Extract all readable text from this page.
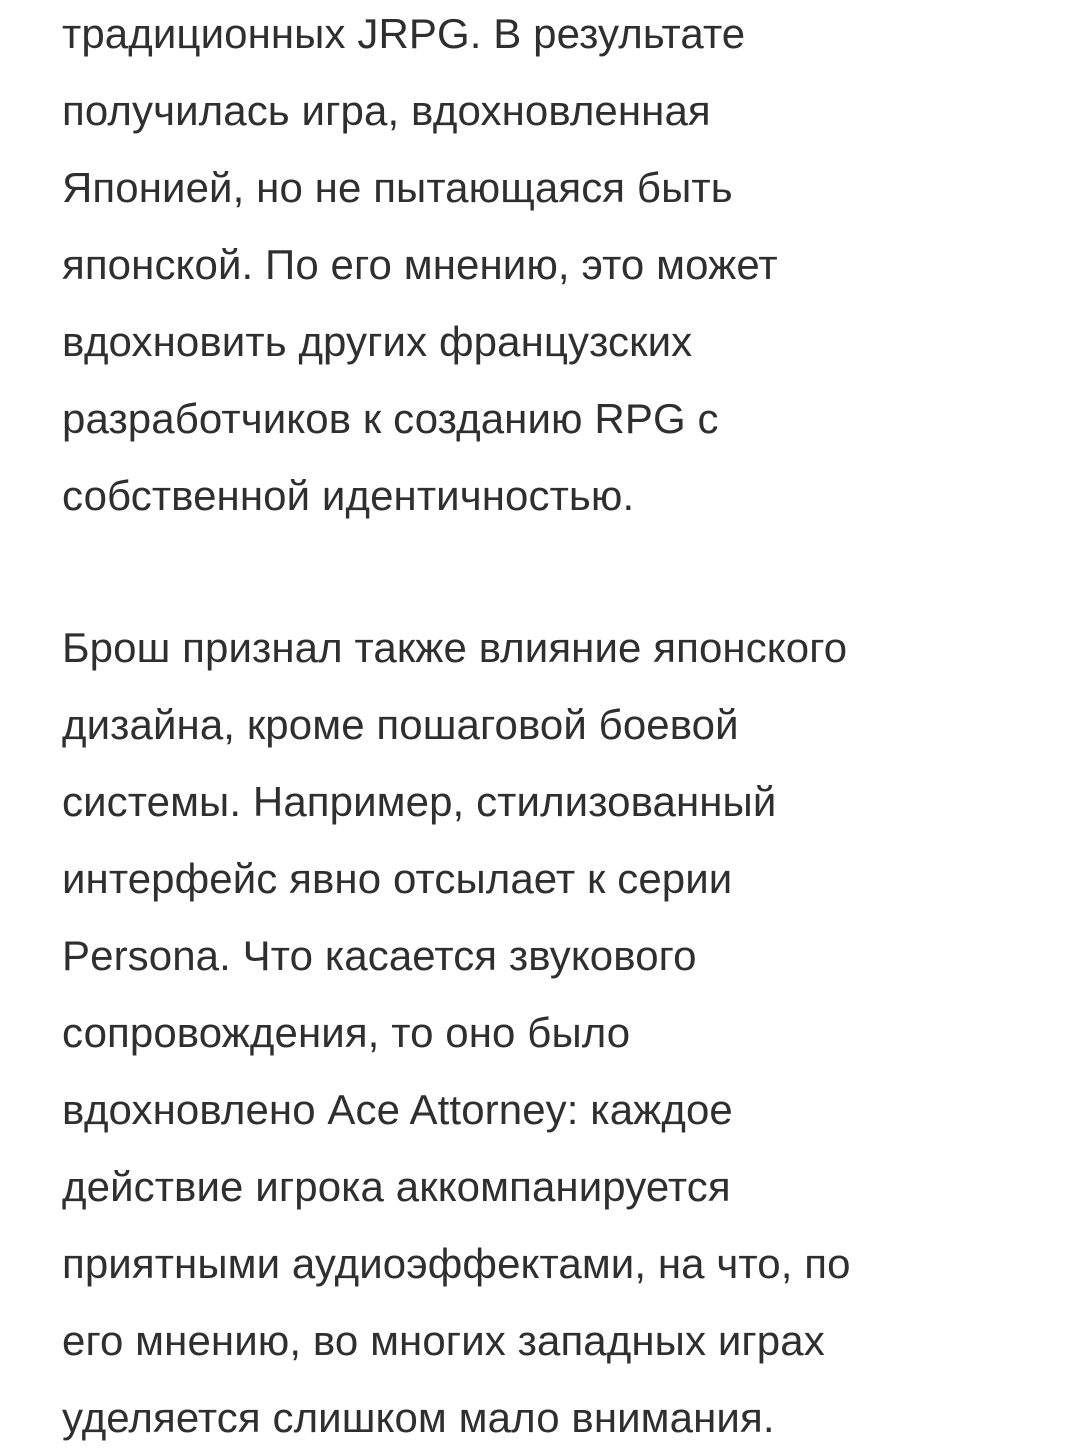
традиционных JRPG. В результате
получилась игра, вдохновленная
Японией, но не пытающаяся быть
японской. По его мнению, это может
вдохновить других французских
разработчиков к созданию RPG с
собственной идентичностью.

Брош признал также влияние японского
дизайна, кроме пошаговой боевой
системы. Например, стилизованный
интерфейс явно отсылает к серии
Persona. Что касается звукового
сопровождения, то оно было
вдохновлено Ace Attorney: каждое
действие игрока аккомпанируется
приятными аудиоэффектами, на что, по
его мнению, во многих западных играх
уделяется слишком мало внимания.
